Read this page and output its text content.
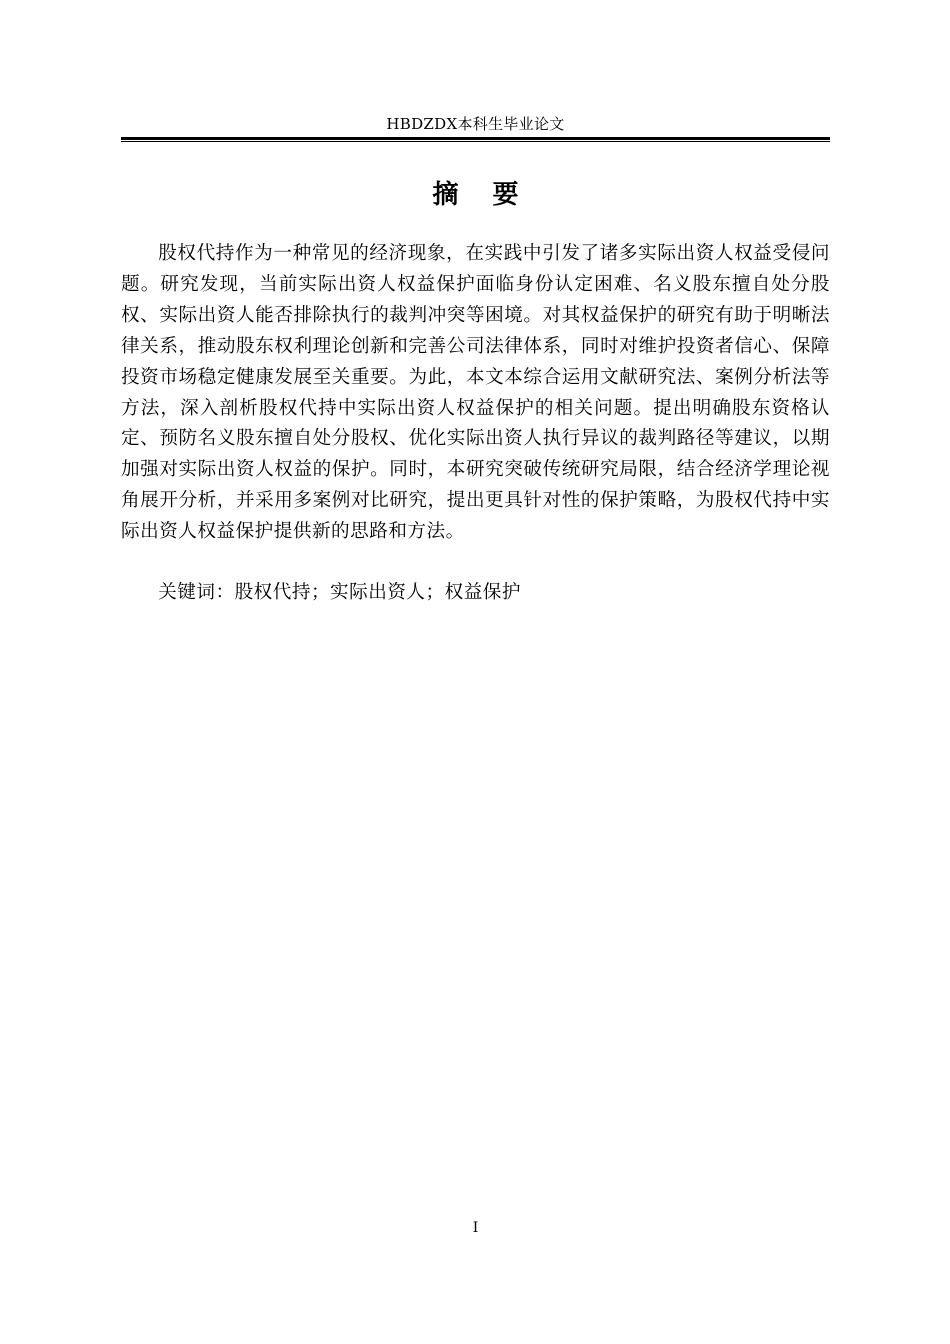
HBDZDX本科生毕业论文
摘 要

股权代持作为一种常见的经济现象，在实践中引发了诸多实际出资人权益受侵问题。研究发现，当前实际出资人权益保护面临身份认定困难、名义股东擅自处分股权、实际出资人能否排除执行的裁判冲突等困境。对其权益保护的研究有助于明晰法律关系，推动股东权利理论创新和完善公司法律体系，同时对维护投资者信心、保障投资市场稳定健康发展至关重要。为此，本文本综合运用文献研究法、案例分析法等方法，深入剖析股权代持中实际出资人权益保护的相关问题。提出明确股东资格认定、预防名义股东擅自处分股权、优化实际出资人执行异议的裁判路径等建议，以期加强对实际出资人权益的保护。同时，本研究突破传统研究局限，结合经济学理论视角展开分析，并采用多案例对比研究，提出更具针对性的保护策略，为股权代持中实际出资人权益保护提供新的思路和方法。

关键词：股权代持；实际出资人；权益保护

I
